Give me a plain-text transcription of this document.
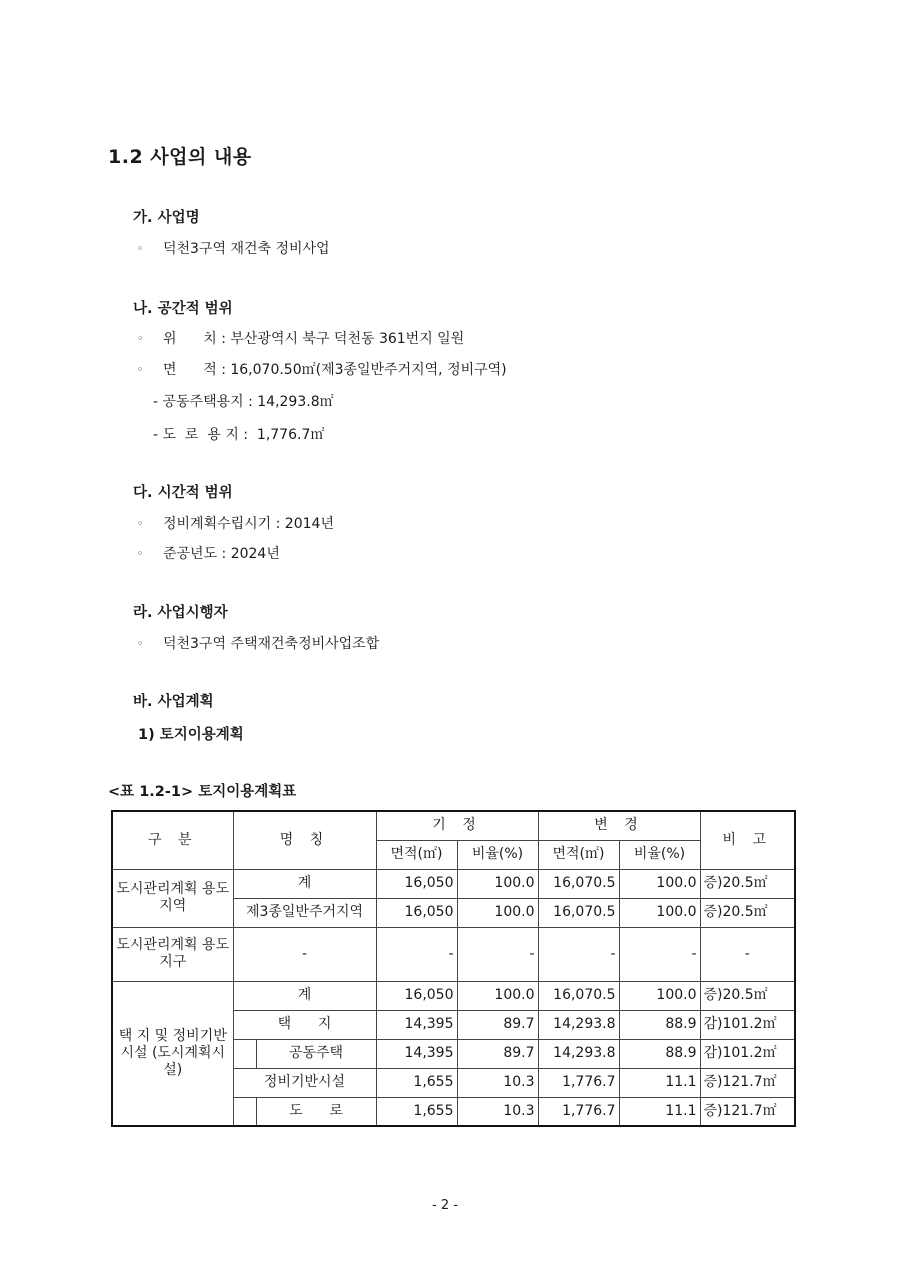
1.2 사업의 내용
가. 사업명
◦ 덕천3구역 재건축 정비사업
나. 공간적 범위
◦ 위      치 : 부산광역시 북구 덕천동 361번지 일원
◦ 면      적 : 16,070.50㎡(제3종일반주거지역, 정비구역)
- 공동주택용지 : 14,293.8㎡
- 도  로  용 지 :  1,776.7㎡
다. 시간적 범위
◦ 정비계획수립시기 : 2014년
◦ 준공년도 : 2024년
라. 사업시행자
◦ 덕천3구역 주택재건축정비사업조합
바. 사업계획
1) 토지이용계획
<표 1.2-1> 토지이용계획표
구 분	명 칭		기 정		변 경		비 고
			면적(㎡)	비율(%)	면적(㎡)	비율(%)	
도시관리계획 용도지역	계		16,050	100.0	16,070.5	100.0	증)20.5㎡
	제3종일반주거지역		16,050	100.0	16,070.5	100.0	증)20.5㎡
도시관리계획 용도지구	-		-	-	-	-	-
택 지 및 정비기반시설 (도시계획시설)	계		16,050	100.0	16,070.5	100.0	증)20.5㎡
	택      지		14,395	89.7	14,293.8	88.9	감)101.2㎡
		공동주택	14,395	89.7	14,293.8	88.9	감)101.2㎡
	정비기반시설		1,655	10.3	1,776.7	11.1	증)121.7㎡
		도      로	1,655	10.3	1,776.7	11.1	증)121.7㎡
- 2 -
